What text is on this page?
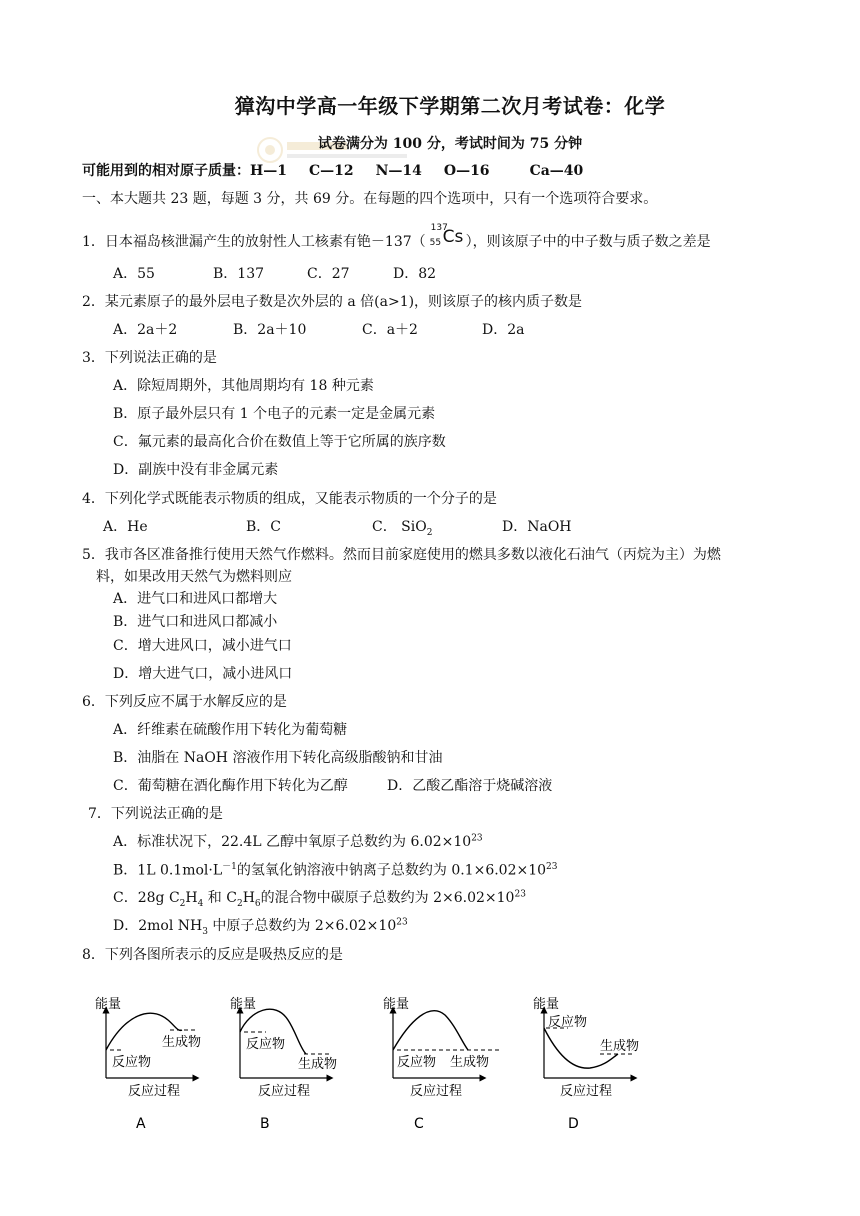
獐沟中学高一年级下学期第二次月考试卷：化学
试卷满分为 100 分，考试时间为 75 分钟
可能用到的相对原子质量：H—1 C—12 N—14 O—16	Ca—40
一、本大题共 23 题，每题 3 分，共 69 分。在每题的四个选项中，只有一个选项符合要求。
1．日本福岛核泄漏产生的放射性人工核素有铯－137（
137
55 Cs ），则该原子中的中子数与质子数之差是
A．55	B．137	C．27	D．82
2．某元素原子的最外层电子数是次外层的 a 倍(a>1)，则该原子的核内质子数是
A．2a＋2	B．2a＋10	C．a＋2	D．2a
3．下列说法正确的是
A．除短周期外，其他周期均有 18 种元素
B．原子最外层只有 1 个电子的元素一定是金属元素
C．氟元素的最高化合价在数值上等于它所属的族序数
D．副族中没有非金属元素
4．下列化学式既能表示物质的组成，又能表示物质的一个分子的是
A．He	B．C	C． SiO$_2$	D．NaOH
5．我市各区准备推行使用天然气作燃料。然而目前家庭使用的燃具多数以液化石油气（丙烷为主）为燃
料，如果改用天然气为燃料则应
A．进气口和进风口都增大
B．进气口和进风口都减小
C．增大进风口，减小进气口
D．增大进气口，减小进风口
6．下列反应不属于水解反应的是
A．纤维素在硫酸作用下转化为葡萄糖
B．油脂在 NaOH 溶液作用下转化高级脂酸钠和甘油
C．葡萄糖在酒化酶作用下转化为乙醇	D．乙酸乙酯溶于烧碱溶液
7．下列说法正确的是
A．标准状况下，22.4L 乙醇中氧原子总数约为 $6.02\times 10^{23}$
B．1L $0.1mol\cdot L^{-1}$的氢氧化钠溶液中钠离子总数约为 $0.1\times 6.02\times 10^{23}$
C．28g $C_2H_4$ 和 $C_2H_6$的混合物中碳原子总数约为 $2\times 6.02\times 10^{23}$
D．2mol $NH_3$ 中原子总数约为 $2\times 6.02\times 10^{23}$
8．下列各图所表示的反应是吸热反应的是
能量
反应物
生成物
反应过程
A
能量
反应物
生成物
反应过程
B
能量
反应物 生成物
反应过程
C
能量
反应物
生成物
反应过程
D
